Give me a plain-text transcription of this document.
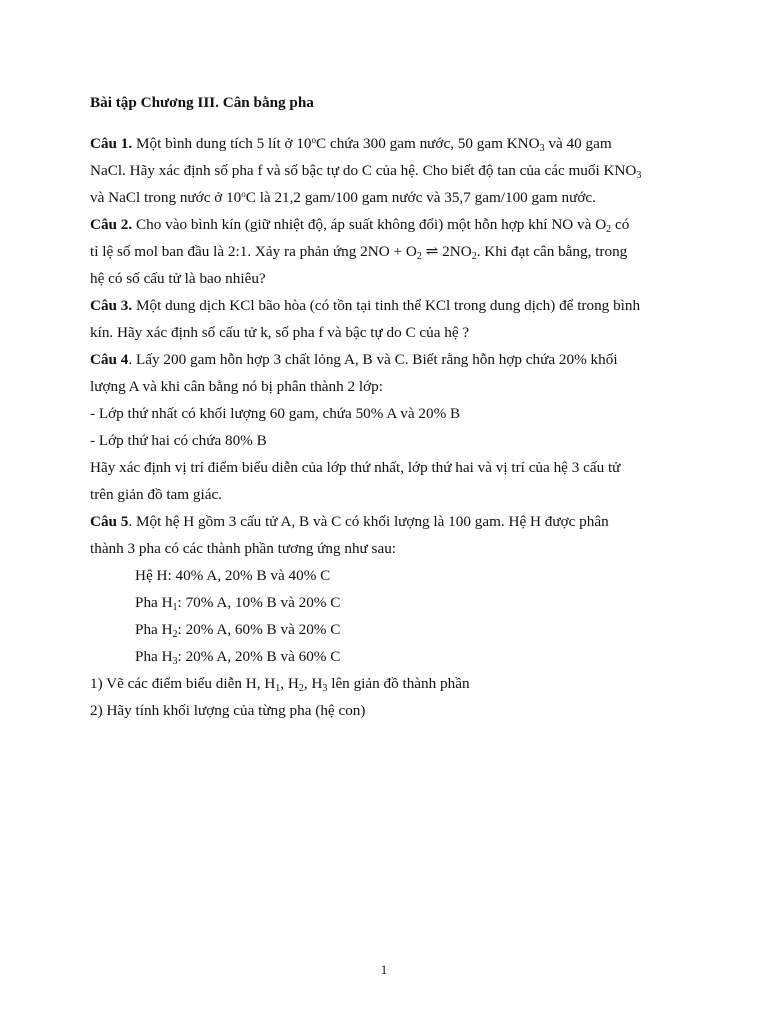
Bài tập Chương III. Cân bằng pha
Câu 1. Một bình dung tích 5 lít ở 10$^o$C chứa 300 gam nước, 50 gam $KNO_3$ và 40 gam
NaCl. Hãy xác định số pha f và số bậc tự do C của hệ. Cho biết độ tan của các muối $KNO_3$
và NaCl trong nước ở 10$^o$C là 21,2 gam/100 gam nước và 35,7 gam/100 gam nước.
Câu 2. Cho vào bình kín (giữ nhiệt độ, áp suất không đổi) một hỗn hợp khí NO và $O_2$ có
tỉ lệ số mol ban đầu là 2:1. Xảy ra phản ứng $2NO + O_2$ ⇌ $2NO_2$. Khi đạt cân bằng, trong
hệ có số cấu tử là bao nhiêu?
Câu 3. Một dung dịch KCl bão hòa (có tồn tại tinh thể KCl trong dung dịch) để trong bình
kín. Hãy xác định số cấu tử k, số pha f và bậc tự do C của hệ ?
Câu 4. Lấy 200 gam hỗn hợp 3 chất lỏng A, B và C. Biết rằng hỗn hợp chứa 20% khối
lượng A và khi cân bằng nó bị phân thành 2 lớp:
- Lớp thứ nhất có khối lượng 60 gam, chứa 50% A và 20% B
- Lớp thứ hai có chứa 80% B
Hãy xác định vị trí điểm biểu diễn của lớp thứ nhất, lớp thứ hai và vị trí của hệ 3 cấu tử
trên giản đồ tam giác.
Câu 5. Một hệ H gồm 3 cấu tử A, B và C có khối lượng là 100 gam. Hệ H được phân
thành 3 pha có các thành phần tương ứng như sau:
Hệ H: 40% A, 20% B và 40% C
Pha $H_1$: 70% A, 10% B và 20% C
Pha $H_2$: 20% A, 60% B và 20% C
Pha $H_3$: 20% A, 20% B và 60% C
1) Vẽ các điểm biểu diễn H, $H_1$, $H_2$, $H_3$ lên giản đồ thành phần
2) Hãy tính khối lượng của từng pha (hệ con)
1
